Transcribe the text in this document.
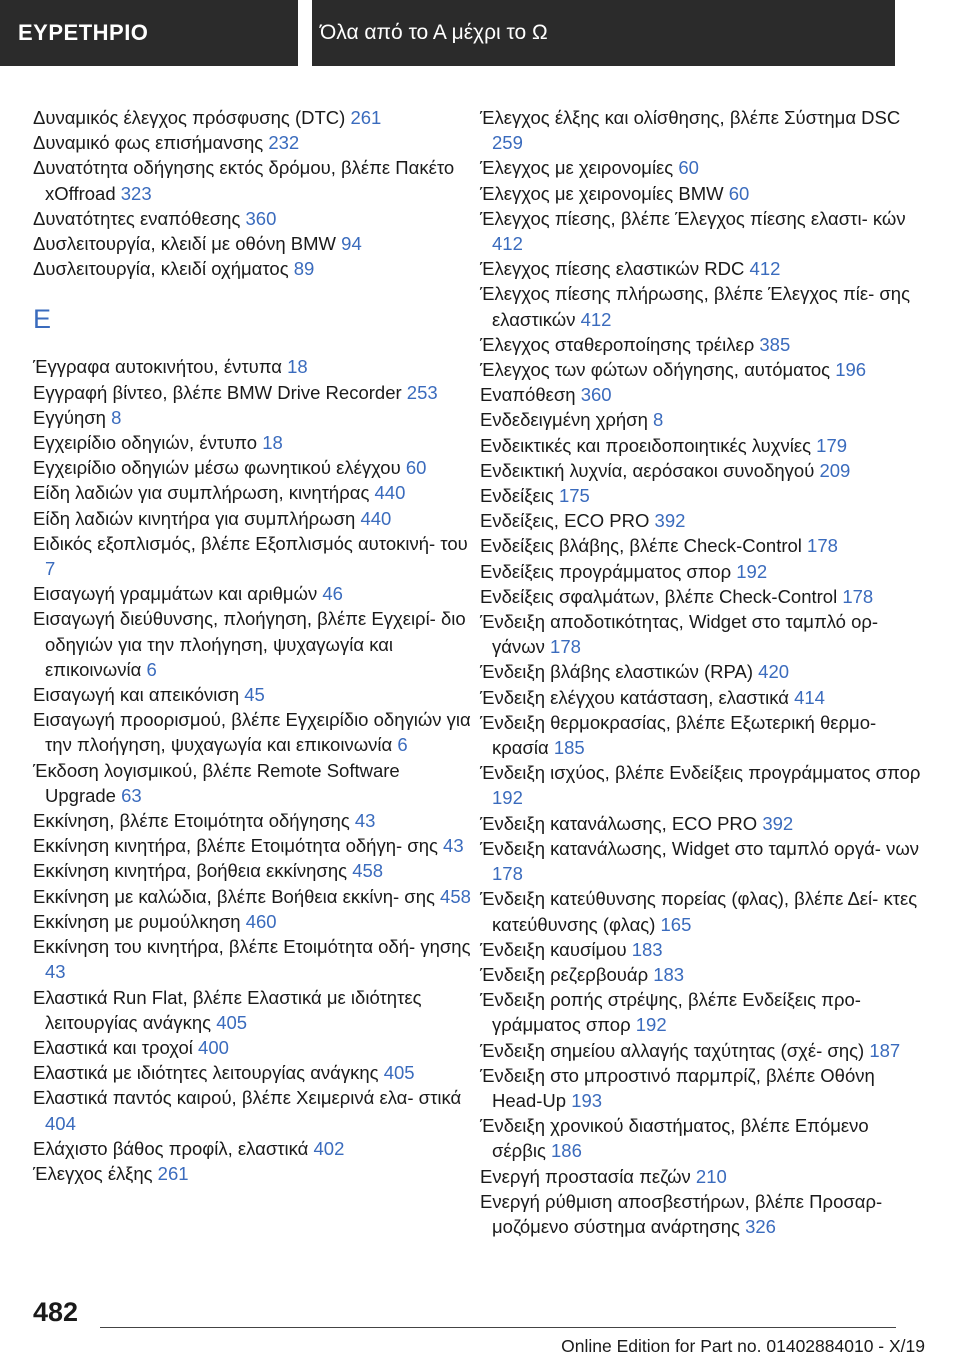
ΕΥΡΕΤΗΡΙΟ	Όλα από το Α μέχρι το Ω
Δυναμικός έλεγχος πρόσφυσης (DTC) 261
Δυναμικό φως επισήμανσης 232
Δυνατότητα οδήγησης εκτός δρόμου, βλέπε Πακέτο xOffroad 323
Δυνατότητες εναπόθεσης 360
Δυσλειτουργία, κλειδί με οθόνη BMW 94
Δυσλειτουργία, κλειδί οχήματος 89
E
Έγγραφα αυτοκινήτου, έντυπα 18
Εγγραφή βίντεο, βλέπε BMW Drive Recorder 253
Εγγύηση 8
Εγχειρίδιο οδηγιών, έντυπο 18
Εγχειρίδιο οδηγιών μέσω φωνητικού ελέγχου 60
Είδη λαδιών για συμπλήρωση, κινητήρας 440
Είδη λαδιών κινητήρα για συμπλήρωση 440
Ειδικός εξοπλισμός, βλέπε Εξοπλισμός αυτοκινή- του 7
Εισαγωγή γραμμάτων και αριθμών 46
Εισαγωγή διεύθυνσης, πλοήγηση, βλέπε Εγχειρί- διο οδηγιών για την πλοήγηση, ψυχαγωγία και επικοινωνία 6
Εισαγωγή και απεικόνιση 45
Εισαγωγή προορισμού, βλέπε Εγχειρίδιο οδηγιών για την πλοήγηση, ψυχαγωγία και επικοινωνία 6
Έκδοση λογισμικού, βλέπε Remote Software Upgrade 63
Εκκίνηση, βλέπε Ετοιμότητα οδήγησης 43
Εκκίνηση κινητήρα, βλέπε Ετοιμότητα οδήγη- σης 43
Εκκίνηση κινητήρα, βοήθεια εκκίνησης 458
Εκκίνηση με καλώδια, βλέπε Βοήθεια εκκίνη- σης 458
Εκκίνηση με ρυμούλκηση 460
Εκκίνηση του κινητήρα, βλέπε Ετοιμότητα οδή- γησης 43
Ελαστικά Run Flat, βλέπε Ελαστικά με ιδιότητες λειτουργίας ανάγκης 405
Ελαστικά και τροχοί 400
Ελαστικά με ιδιότητες λειτουργίας ανάγκης 405
Ελαστικά παντός καιρού, βλέπε Χειμερινά ελα- στικά 404
Ελάχιστο βάθος προφίλ, ελαστικά 402
Έλεγχος έλξης 261
Έλεγχος έλξης και ολίσθησης, βλέπε Σύστημα DSC 259
Έλεγχος με χειρονομίες 60
Έλεγχος με χειρονομίες BMW 60
Έλεγχος πίεσης, βλέπε Έλεγχος πίεσης ελαστι- κών 412
Έλεγχος πίεσης ελαστικών RDC 412
Έλεγχος πίεσης πλήρωσης, βλέπε Έλεγχος πίε- σης ελαστικών 412
Έλεγχος σταθεροποίησης τρέιλερ 385
Έλεγχος των φώτων οδήγησης, αυτόματος 196
Εναπόθεση 360
Ενδεδειγμένη χρήση 8
Ενδεικτικές και προειδοποιητικές λυχνίες 179
Ενδεικτική λυχνία, αερόσακοι συνοδηγού 209
Ενδείξεις 175
Ενδείξεις, ECO PRO 392
Ενδείξεις βλάβης, βλέπε Check-Control 178
Ενδείξεις προγράμματος σπορ 192
Ενδείξεις σφαλμάτων, βλέπε Check-Control 178
Ένδειξη αποδοτικότητας, Widget στο ταμπλό ορ- γάνων 178
Ένδειξη βλάβης ελαστικών (RPA) 420
Ένδειξη ελέγχου κατάσταση, ελαστικά 414
Ένδειξη θερμοκρασίας, βλέπε Εξωτερική θερμο- κρασία 185
Ένδειξη ισχύος, βλέπε Ενδείξεις προγράμματος σπορ 192
Ένδειξη κατανάλωσης, ECO PRO 392
Ένδειξη κατανάλωσης, Widget στο ταμπλό οργά- νων 178
Ένδειξη κατεύθυνσης πορείας (φλας), βλέπε Δεί- κτες κατεύθυνσης (φλας) 165
Ένδειξη καυσίμου 183
Ένδειξη ρεζερβουάρ 183
Ένδειξη ροπής στρέψης, βλέπε Ενδείξεις προ- γράμματος σπορ 192
Ένδειξη σημείου αλλαγής ταχύτητας (σχέ- σης) 187
Ένδειξη στο μπροστινό παρμπρίζ, βλέπε Οθόνη Head-Up 193
Ένδειξη χρονικού διαστήματος, βλέπε Επόμενο σέρβις 186
Ενεργή προστασία πεζών 210
Ενεργή ρύθμιση αποσβεστήρων, βλέπε Προσαρ- μοζόμενο σύστημα ανάρτησης 326
482
Online Edition for Part no. 01402884010 - X/19
